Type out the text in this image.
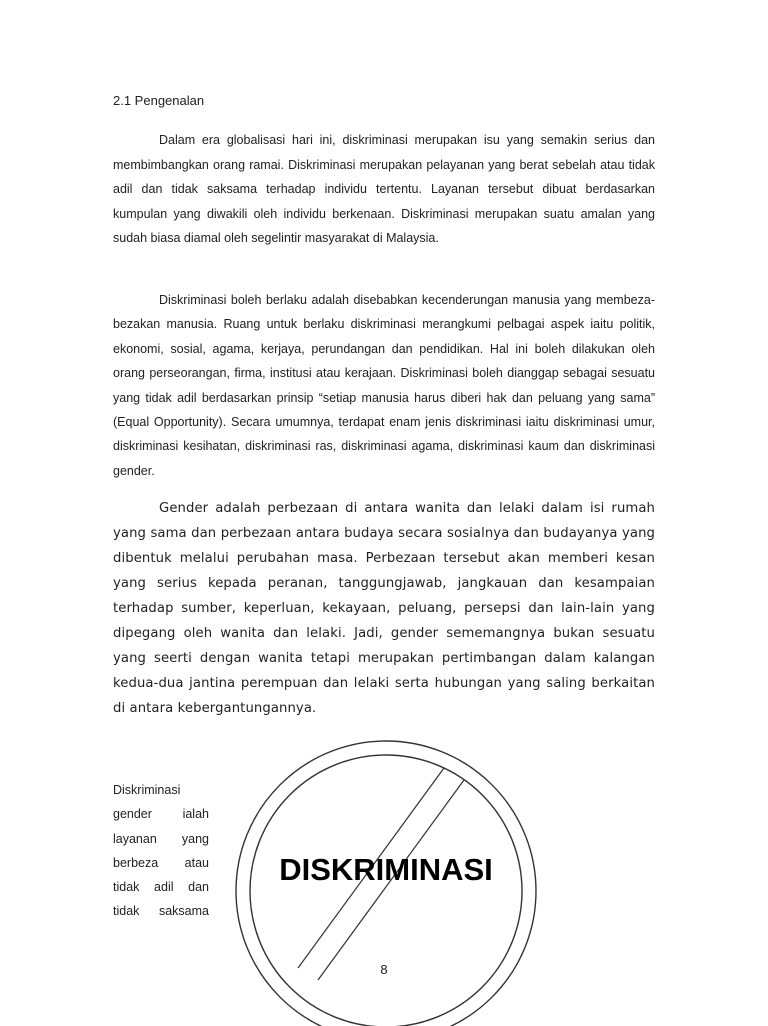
2.1 Pengenalan

Dalam era globalisasi hari ini, diskriminasi merupakan isu yang semakin serius dan membimbangkan orang ramai. Diskriminasi merupakan pelayanan yang berat sebelah atau tidak adil dan tidak saksama terhadap individu tertentu. Layanan tersebut dibuat berdasarkan kumpulan yang diwakili oleh individu berkenaan. Diskriminasi merupakan suatu amalan yang sudah biasa diamal oleh segelintir masyarakat di Malaysia.

Diskriminasi boleh berlaku adalah disebabkan kecenderungan manusia yang membeza-bezakan manusia. Ruang untuk berlaku diskriminasi merangkumi pelbagai aspek iaitu politik, ekonomi, sosial, agama, kerjaya, perundangan dan pendidikan. Hal ini boleh dilakukan oleh orang perseorangan, firma, institusi atau kerajaan. Diskriminasi boleh dianggap sebagai sesuatu yang tidak adil berdasarkan prinsip “setiap manusia harus diberi hak dan peluang yang sama” (Equal Opportunity). Secara umumnya, terdapat enam jenis diskriminasi iaitu diskriminasi umur, diskriminasi kesihatan, diskriminasi ras, diskriminasi agama, diskriminasi kaum dan diskriminasi gender.

Gender adalah perbezaan di antara wanita dan lelaki dalam isi rumah yang sama dan perbezaan antara budaya secara sosialnya dan budayanya yang dibentuk melalui perubahan masa. Perbezaan tersebut akan memberi kesan yang serius kepada peranan, tanggungjawab, jangkauan dan kesampaian terhadap sumber, keperluan, kekayaan, peluang, persepsi dan lain-lain yang dipegang oleh wanita dan lelaki. Jadi, gender sememangnya bukan sesuatu yang seerti dengan wanita tetapi merupakan pertimbangan dalam kalangan kedua-dua jantina perempuan dan lelaki serta hubungan yang saling berkaitan di antara kebergantungannya.

Diskriminasi gender ialah layanan yang berbeza atau tidak adil dan tidak saksama

DISKRIMINASI
8
